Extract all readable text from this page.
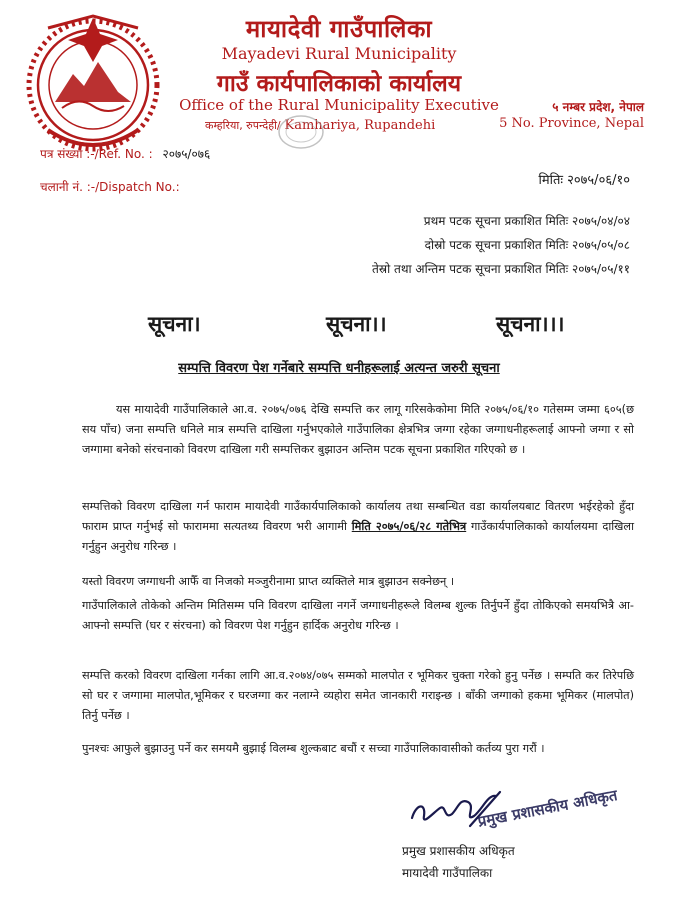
मायादेवी गाउँपालिका
Mayadevi Rural Municipality
गाउँ कार्यपालिकाको कार्यालय
Office of the Rural Municipality Executive
कम्हरिया, रुपन्देही/ Kamhariya, Rupandehi
५ नम्बर प्रदेश, नेपाल
5 No. Province, Nepal
पत्र संख्या :-/Ref. No. : २०७५/०७६
चलानी नं. :-/Dispatch No.:	मितिः २०७५/०६/१०
प्रथम पटक सूचना प्रकाशित मितिः २०७५/०४/०४
दोस्रो पटक सूचना प्रकाशित मितिः २०७५/०५/०८
तेस्रो तथा अन्तिम पटक सूचना प्रकाशित मितिः २०७५/०५/११
सूचना।	सूचना।।	सूचना।।।
सम्पत्ति विवरण पेश गर्नेबारे सम्पत्ति धनीहरूलाई अत्यन्त जरुरी सूचना

यस मायादेवी गाउँपालिकाले आ.व. २०७५/०७६ देखि सम्पत्ति कर लागू गरिसकेकोमा मिति २०७५/०६/१० गतेसम्म जम्मा ६०५(छ सय पाँच) जना सम्पत्ति धनिले मात्र सम्पत्ति दाखिला गर्नुभएकोले गाउँपालिका क्षेत्रभित्र जग्गा रहेका जग्गाधनीहरूलाई आफ्नो जग्गा र सो जग्गामा बनेको संरचनाको विवरण दाखिला गरी सम्पत्तिकर बुझाउन अन्तिम पटक सूचना प्रकाशित गरिएको छ ।

सम्पत्तिको विवरण दाखिला गर्न फाराम मायादेवी गाउँकार्यपालिकाको कार्यालय तथा सम्बन्धित वडा कार्यालयबाट वितरण भईरहेको हुँदा फाराम प्राप्त गर्नुभई सो फाराममा सत्यतथ्य विवरण भरी आगामी मिति २०७५/०६/२८ गतेभित्र गाउँकार्यपालिकाको कार्यालयमा दाखिला गर्नुहुन अनुरोध गरिन्छ ।

यस्तो विवरण जग्गाधनी आफैँ वा निजको मञ्जुरीनामा प्राप्त व्यक्तिले मात्र बुझाउन सक्नेछन् ।

गाउँपालिकाले तोकेको अन्तिम मितिसम्म पनि विवरण दाखिला नगर्ने जग्गाधनीहरूले विलम्ब शुल्क तिर्नुपर्ने हुँदा तोकिएको समयभित्रै आ-आफ्नो सम्पत्ति (घर र संरचना) को विवरण पेश गर्नुहुन हार्दिक अनुरोध गरिन्छ ।

सम्पत्ति करको विवरण दाखिला गर्नका लागि आ.व.२०७४/०७५ सम्मको मालपोत र भूमिकर चुक्ता गरेको हुनु पर्नेछ । सम्पति कर तिरेपछि सो घर र जग्गामा मालपोत,भूमिकर र घरजग्गा कर नलाग्ने व्यहोरा समेत जानकारी गराइन्छ । बाँकी जग्गाको हकमा भूमिकर (मालपोत) तिर्नु पर्नेछ ।

पुनश्चः आफुले बुझाउनु पर्ने कर समयमै बुझाई विलम्ब शुल्कबाट बचौं र सच्चा गाउँपालिकावासीको कर्तव्य पुरा गरौं ।

प्रमुख प्रशासकीय अधिकृत
प्रमुख प्रशासकीय अधिकृत
मायादेवी गाउँपालिका
